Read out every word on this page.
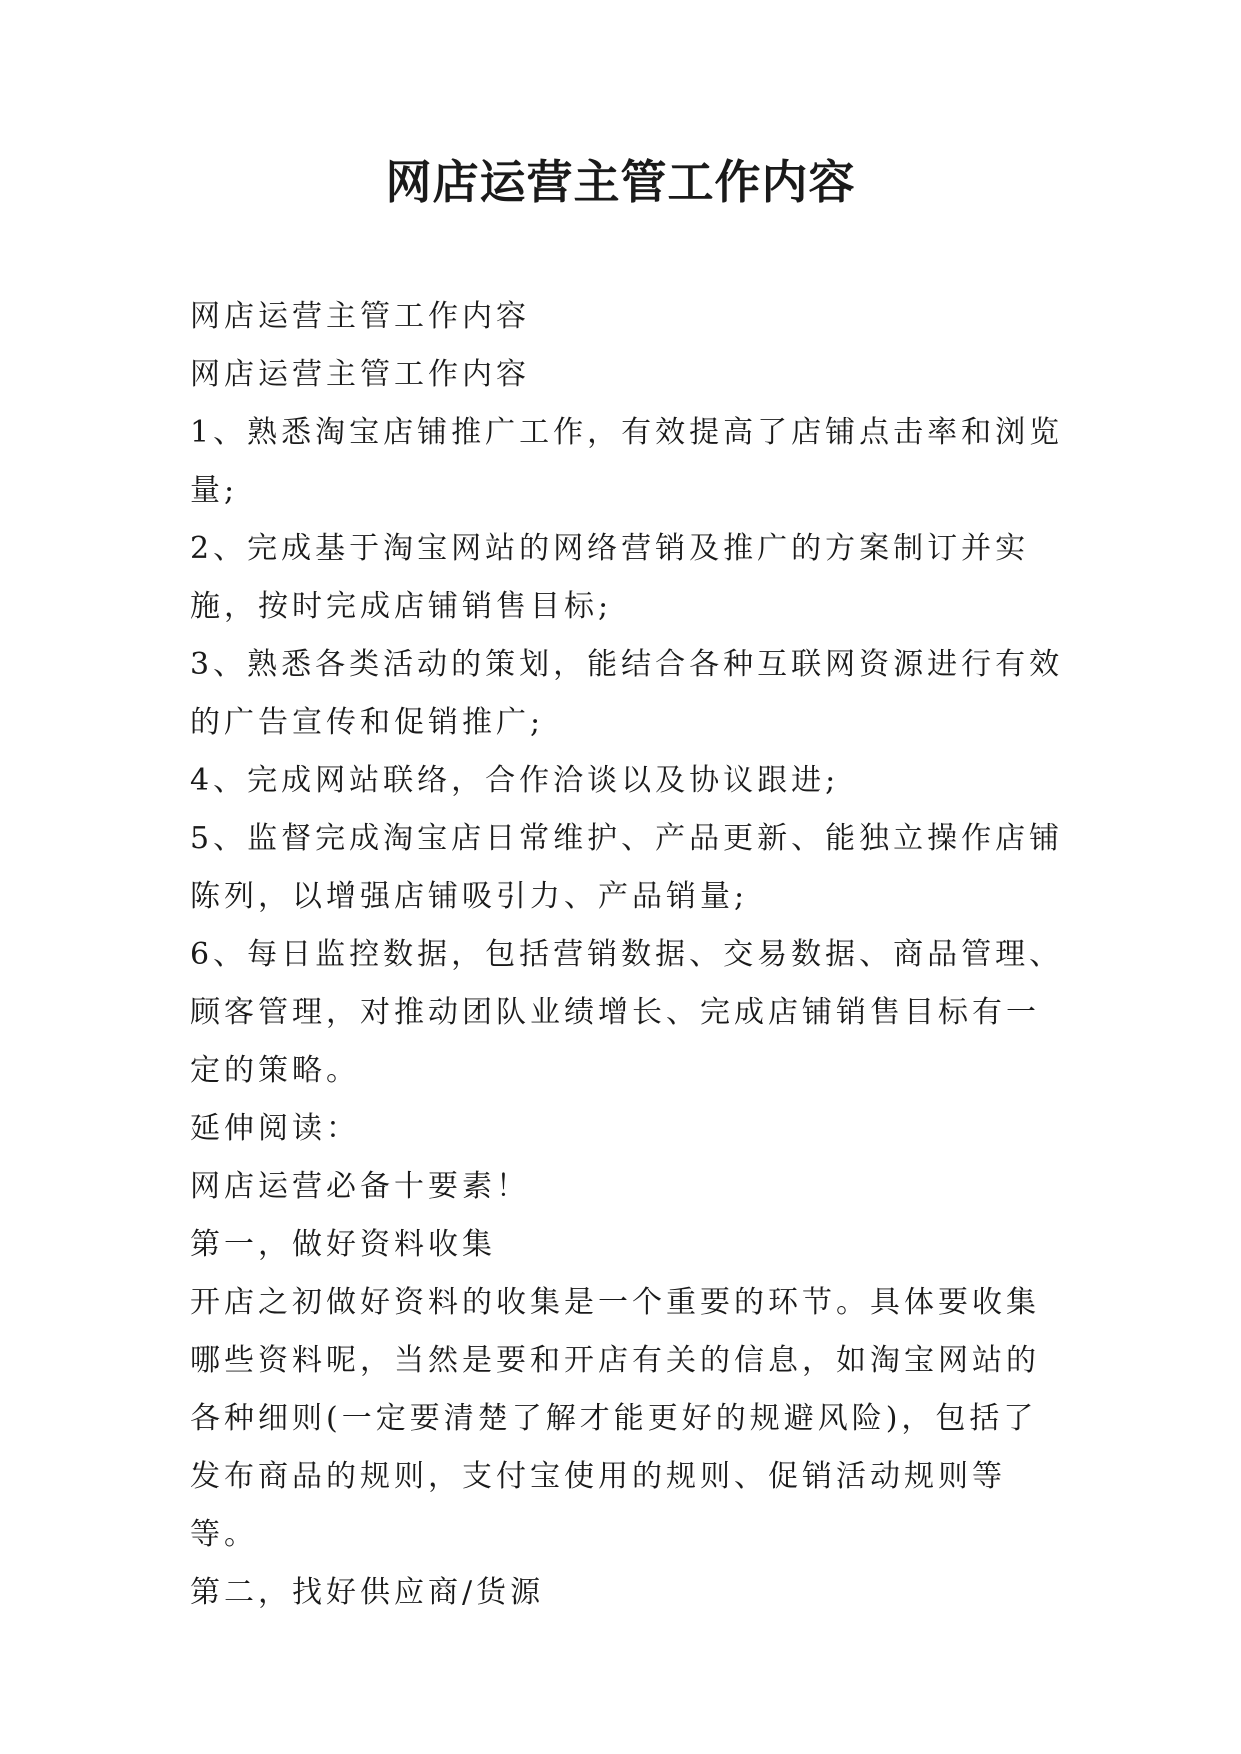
网店运营主管工作内容

网店运营主管工作内容

网店运营主管工作内容

1、熟悉淘宝店铺推广工作，有效提高了店铺点击率和浏览量;

2、完成基于淘宝网站的网络营销及推广的方案制订并实施，按时完成店铺销售目标;

3、熟悉各类活动的策划，能结合各种互联网资源进行有效的广告宣传和促销推广;

4、完成网站联络，合作洽谈以及协议跟进;

5、监督完成淘宝店日常维护、产品更新、能独立操作店铺陈列，以增强店铺吸引力、产品销量;

6、每日监控数据，包括营销数据、交易数据、商品管理、顾客管理，对推动团队业绩增长、完成店铺销售目标有一定的策略。

延伸阅读：

网店运营必备十要素！

第一，做好资料收集

开店之初做好资料的收集是一个重要的环节。具体要收集哪些资料呢，当然是要和开店有关的信息，如淘宝网站的各种细则(一定要清楚了解才能更好的规避风险)，包括了发布商品的规则，支付宝使用的规则、促销活动规则等等。

第二，找好供应商/货源
